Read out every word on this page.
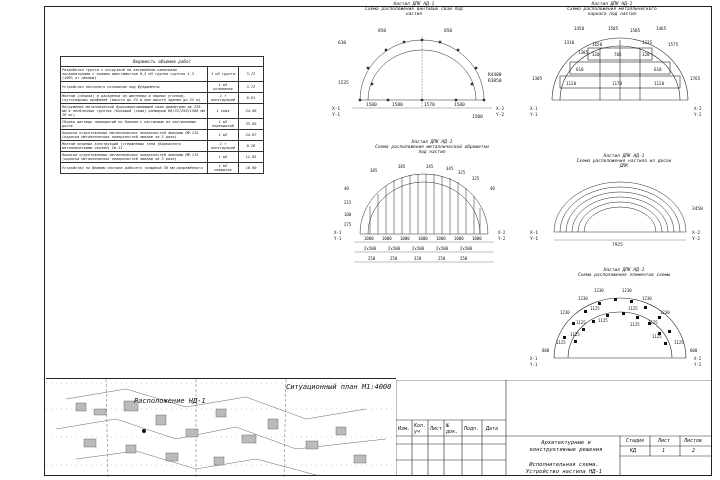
Ведомость объемов работ		
Разработка грунта с погрузкой на автомобили-самосвалы экскаваторами с ковшом вместимостью 0,5 м3 группа грунтов 1-3 (100% от объема)	1 м3 грунта	3.72
Устройство песчаного основания под фундаменты	1 м3 основания	3.72
Монтаж (сборка) и раскрепка из швеллера и парных уголков, гнутосварных профилей (высота до 24 м при высоте здания до 25 м)	1 т конструкций	0.61
Погружение металлической бурозавинчивающей сваи диаметром до 220 мм в несблочных грунтах (Большой (сваи) размером 89/33/250/1500 мм 16 шт)	1 свая	24.00
Сборка шаговых перекрытий по балкам с настилами из настилаемых досок	1 м2 перекрытий	33.80
Окраска огрунтованных металлических поверхностей эмалями ПФ-115 (окраска металлических поверхностей эмалью за 3 раза)	1 м2	24.67
Монтаж опорных конструкций (стержневых типа (Каркасного металлическими связям) См-II	1 т конструкций	0.28
Окраска огрунтованных металлических поверхностей эмалями ПФ-115 (окраска металлических поверхностей эмалью за 3 раза)	1 м2	11.65
Устройство по фермам настила рабочего толщиной 50 мм разрежённого	1 м2 покрытия	16.90
Настил ДПК НД-1
Схема расположения винтовых свай под настил
850	850
610
1535
1500	1500	1570	1500
1500
R4400
R3850
X-1
Y-1
X-2
Y-2
Настил ДПК НД-1
Схема расположения металлического каркаса под настил
1450	1585	1585	1465
1310	1650	1335	1575
1385 320	785	320
1305	1765
610	610
1120	1170	1120
X-1
Y-1
X-2
Y-2
Настил ДПК НД-1
Схема расположения металлической обрешетки под настил
385
385	345
40
345
325
325
40
215
100
275
1000 1000 1000 1000 1000 1000 1000
2x500	2x500	2x500	2x500	2x500
250	250	320	250	250
X-1
Y-1
X-2
Y-2
Настил ДПК НД-1
Схема расположения настила из досок ДПК
7925
3450
X-1
Y-1
X-2
Y-2
Настил ДПК НД-1
Схема расположения элементов схемы
1230	1230
1230	1230
1230	1230
1125	1125
1125	1125
1125
1125
1125	1125
1125	1125
800	800
X-1
Y-1
X-2
Y-2
Ситуационный план М1:4000
Расположение НД-1
Изм. Кол. уч	Лист № док.	Подп. Дата
Архитектурные и конструктивные решения
Стадия	Лист	Листов
КД	1	2
Исполнительная схема. Устройство настила НД-1
